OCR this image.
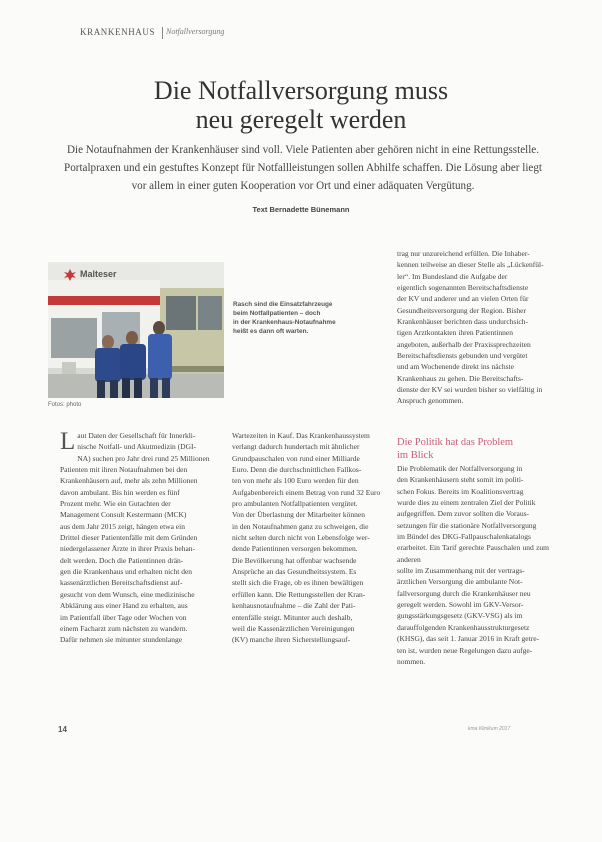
KRANKENHAUS Notfallversorgung
Die Notfallversorgung muss
neu geregelt werden
Die Notaufnahmen der Krankenhäuser sind voll. Viele Patienten aber gehören nicht in eine Rettungsstelle.
Portalpraxen und ein gestuftes Konzept für Notfallleistungen sollen Abhilfe schaffen. Die Lösung aber liegt
vor allem in einer guten Kooperation vor Ort und einer adäquaten Vergütung.
Text Bernadette Bünemann
Malteser
Fotos: photo
Rasch sind die Einsatzfahrzeuge
beim Notfallpatienten – doch
in der Krankenhaus-Notaufnahme
heißt es dann oft warten.
L aut Daten der Gesellschaft für Innerkli-
nische Notfall- und Akutmedizin (DGI-
NA) suchen pro Jahr drei rund 25 Millionen
Patienten mit ihren Notaufnahmen bei den
Krankenhäusern auf, mehr als zehn Millionen
davon ambulant. Bis hin werden es fünf
Prozent mehr. Wie ein Gutachten der
Management Consult Kestermann (MCK)
aus dem Jahr 2015 zeigt, hängen etwa ein
Drittel dieser Patientenfälle mit dem Gründen
niedergelassener Ärzte in ihrer Praxis behan-
delt werden. Doch die Patientinnen drän-
gen die Krankenhaus und erhalten nicht den
kassenärztlichen Bereitschaftsdienst auf-
gesucht von dem Wunsch, eine medizinische
Abklärung aus einer Hand zu erhalten, aus
im Patientfall über Tage oder Wochen von
einem Facharzt zum nächsten zu wandern.
Dafür nehmen sie mitunter stundenlange
Wartezeiten in Kauf. Das Krankenhaussystem
verlangt dadurch hundertach mit ähnlicher
Grundpauschalen von rund einer Milliarde
Euro. Denn die durchschnittlichen Fallkos-
ten von mehr als 100 Euro werden für den
Aufgabenbereich einem Betrag von rund 32 Euro
pro ambulanten Notfallpatienten vergütet.
Von der Überlastung der Mitarbeiter können
in den Notaufnahmen ganz zu schweigen, die
nicht selten durch nicht von Lebensfolge wer-
dende Patientinnen versorgen bekommen.
Die Bevölkerung hat offenbar wachsende
Ansprüche an das Gesundheitssystem. Es
stellt sich die Frage, ob es ihnen bewältigen
erfüllen kann. Die Rettungsstellen der Kran-
kenhausnotaufnahme – die Zahl der Pati-
entenfälle steigt. Mitunter auch deshalb,
weil die Kassenärztlichen Vereinigungen
(KV) manche ihren Sicherstellungsauf-
trag nur unzureichend erfüllen. Die Inhaber-
kennen teilweise an dieser Stelle als „Lückenfül-
ler“. Im Bundesland die Aufgabe der
eigentlich sogenannten Bereitschaftsdienste
der KV und anderer und an vielen Orten für
Gesundheitsversorgung der Region. Bisher
Krankenhäuser berichten dass undurchsich-
tigen Arztkontakten ihren Patientinnen
angeboten, außerhalb der Praxissprechzeiten
Bereitschaftsdiensts gebunden und vergütet
und am Wochenende direkt ins nächste
Krankenhaus zu gehen. Die Bereitschafts-
dienste der KV sei wurden bisher so vielfältig in
Anspruch genommen.
Die Politik hat das Problem
im Blick
Die Problematik der Notfallversorgung in
den Krankenhäusern steht somit im politi-
schen Fokus. Bereits im Koalitionsvertrag
wurde dies zu einem zentralen Ziel der Politik
aufgegriffen. Dem zuvor sollten die Voraus-
setzungen für die stationäre Notfallversorgung
im Bündel des DKG-Fallpauschalenkatalogs
erarbeitet. Ein Tarif gerechte Pauschalen und zum anderen
sollte im Zusammenhang mit der vertrags-
ärztlichen Versorgung die ambulante Not-
fallversorgung durch die Krankenhäuser neu
geregelt werden. Sowohl im GKV-Versor-
gungsstärkungsgesetz (GKV-VSG) als im
darauffolgenden Krankenhausstrukturgesetz
(KHSG), das seit 1. Januar 2016 in Kraft getre-
ten ist, wurden neue Regelungen dazu aufge-
nommen.
14	kma Klinikum 2017
